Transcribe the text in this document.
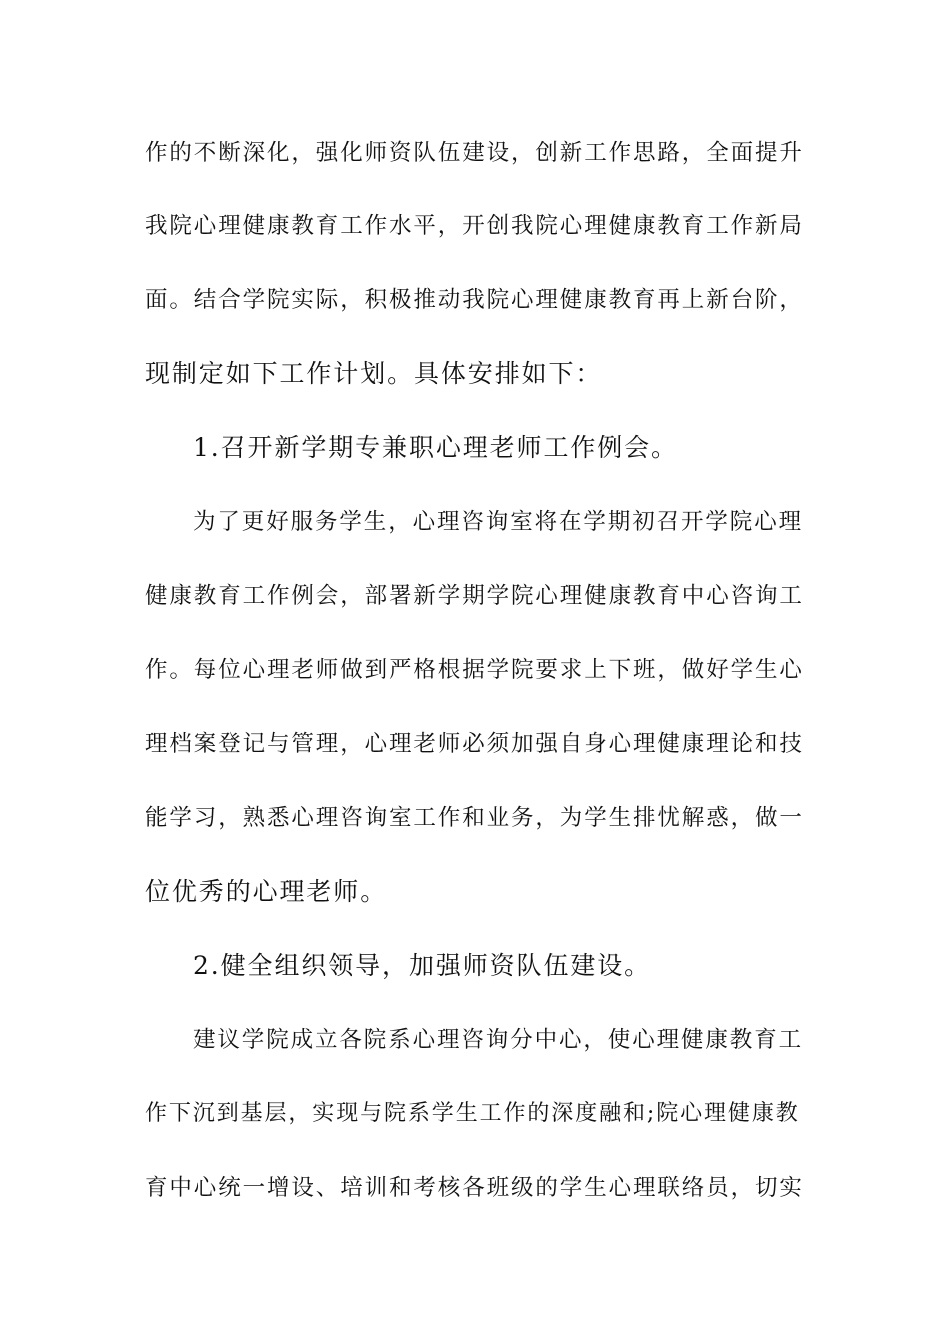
作的不断深化，强化师资队伍建设，创新工作思路，全面提升
我院心理健康教育工作水平，开创我院心理健康教育工作新局
面。结合学院实际，积极推动我院心理健康教育再上新台阶，
现制定如下工作计划。具体安排如下：
1.召开新学期专兼职心理老师工作例会。
为了更好服务学生，心理咨询室将在学期初召开学院心理
健康教育工作例会，部署新学期学院心理健康教育中心咨询工
作。每位心理老师做到严格根据学院要求上下班，做好学生心
理档案登记与管理，心理老师必须加强自身心理健康理论和技
能学习，熟悉心理咨询室工作和业务，为学生排忧解惑，做一
位优秀的心理老师。
2.健全组织领导，加强师资队伍建设。
建议学院成立各院系心理咨询分中心，使心理健康教育工
作下沉到基层，实现与院系学生工作的深度融和;院心理健康教
育中心统一增设、培训和考核各班级的学生心理联络员，切实
